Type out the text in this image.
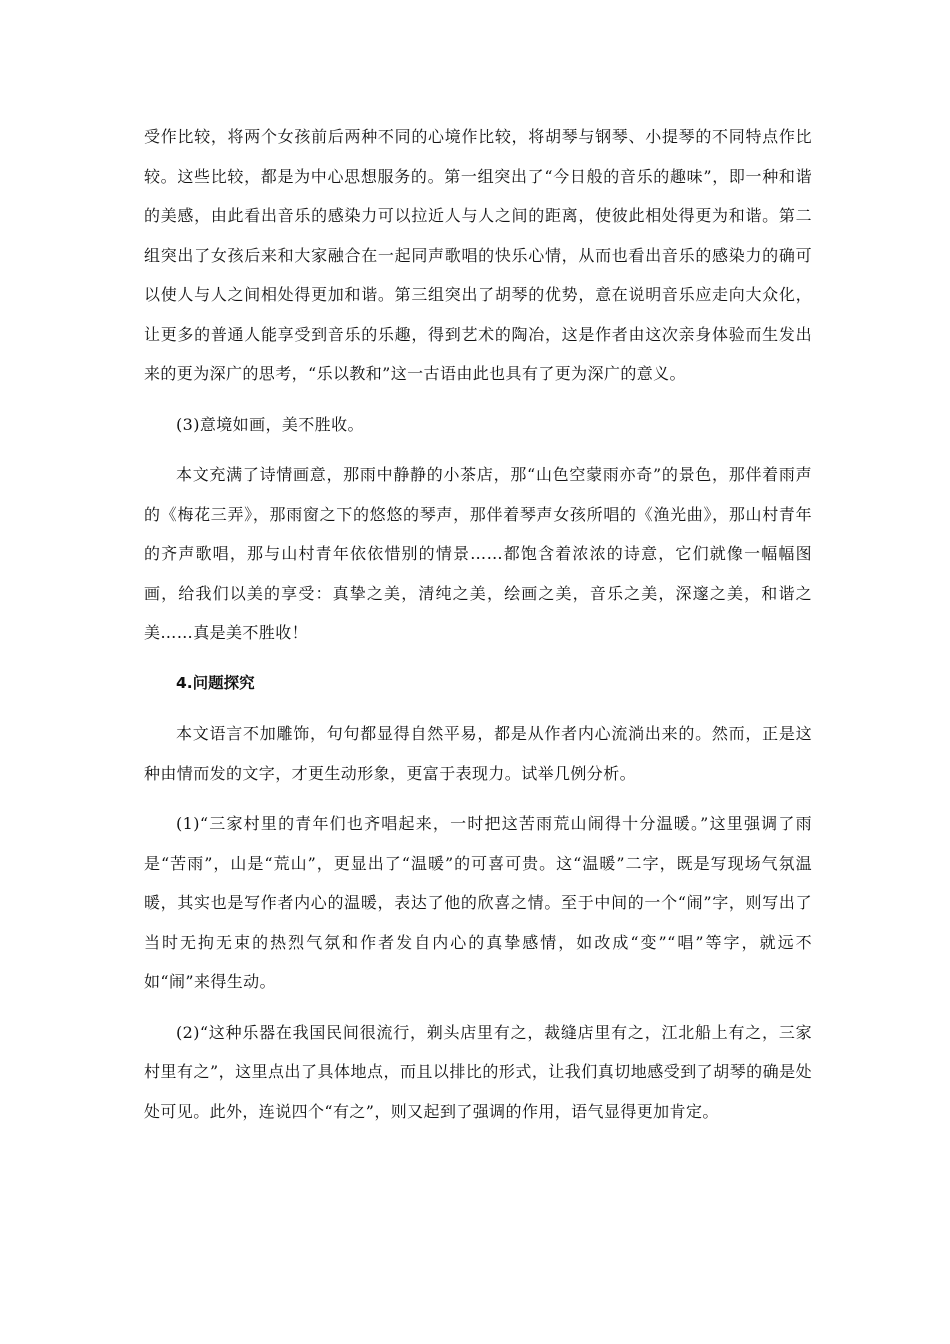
受作比较，将两个女孩前后两种不同的心境作比较，将胡琴与钢琴、小提琴的不同特点作比较。这些比较，都是为中心思想服务的。第一组突出了“今日般的音乐的趣味”，即一种和谐的美感，由此看出音乐的感染力可以拉近人与人之间的距离，使彼此相处得更为和谐。第二组突出了女孩后来和大家融合在一起同声歌唱的快乐心情，从而也看出音乐的感染力的确可以使人与人之间相处得更加和谐。第三组突出了胡琴的优势，意在说明音乐应走向大众化，让更多的普通人能享受到音乐的乐趣，得到艺术的陶冶，这是作者由这次亲身体验而生发出来的更为深广的思考，“乐以教和”这一古语由此也具有了更为深广的意义。

(3)意境如画，美不胜收。

本文充满了诗情画意，那雨中静静的小茶店，那“山色空蒙雨亦奇”的景色，那伴着雨声的《梅花三弄》，那雨窗之下的悠悠的琴声，那伴着琴声女孩所唱的《渔光曲》，那山村青年的齐声歌唱，那与山村青年依依惜别的情景……都饱含着浓浓的诗意，它们就像一幅幅图画，给我们以美的享受：真挚之美，清纯之美，绘画之美，音乐之美，深邃之美，和谐之美……真是美不胜收！

4.问题探究

本文语言不加雕饰，句句都显得自然平易，都是从作者内心流淌出来的。然而，正是这种由情而发的文字，才更生动形象，更富于表现力。试举几例分析。

(1)“三家村里的青年们也齐唱起来，一时把这苦雨荒山闹得十分温暖。”这里强调了雨是“苦雨”，山是“荒山”，更显出了“温暖”的可喜可贵。这“温暖”二字，既是写现场气氛温暖，其实也是写作者内心的温暖，表达了他的欣喜之情。至于中间的一个“闹”字，则写出了当时无拘无束的热烈气氛和作者发自内心的真挚感情，如改成“变”“唱”等字，就远不如“闹”来得生动。

(2)“这种乐器在我国民间很流行，剃头店里有之，裁缝店里有之，江北船上有之，三家村里有之”，这里点出了具体地点，而且以排比的形式，让我们真切地感受到了胡琴的确是处处可见。此外，连说四个“有之”，则又起到了强调的作用，语气显得更加肯定。
